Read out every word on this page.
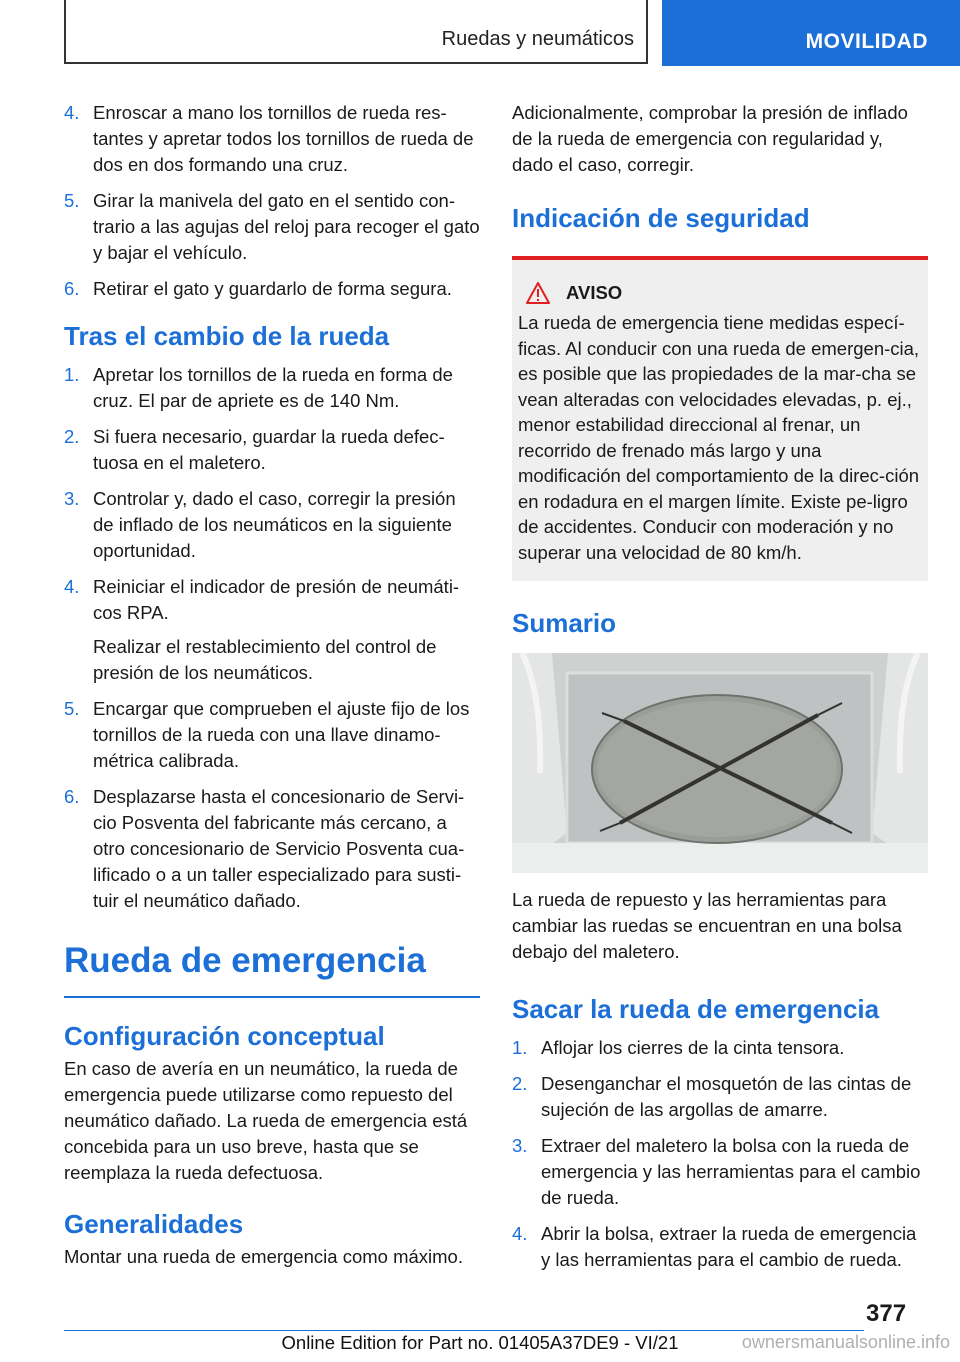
Ruedas y neumáticos	MOVILIDAD
4. Enroscar a mano los tornillos de rueda res‐tantes y apretar todos los tornillos de rueda de dos en dos formando una cruz.

5. Girar la manivela del gato en el sentido con‐trario a las agujas del reloj para recoger el gato y bajar el vehículo.

6. Retirar el gato y guardarlo de forma segura.

Tras el cambio de la rueda
1. Apretar los tornillos de la rueda en forma de cruz. El par de apriete es de 140 Nm.

2. Si fuera necesario, guardar la rueda defec‐tuosa en el maletero.

3. Controlar y, dado el caso, corregir la presión de inflado de los neumáticos en la siguiente oportunidad.

4. Reiniciar el indicador de presión de neumáti‐cos RPA.

Realizar el restablecimiento del control de presión de los neumáticos.

5. Encargar que comprueben el ajuste fijo de los tornillos de la rueda con una llave dinamo‐métrica calibrada.

6. Desplazarse hasta el concesionario de Servi‐cio Posventa del fabricante más cercano, a otro concesionario de Servicio Posventa cua‐lificado o a un taller especializado para susti‐tuir el neumático dañado.

Rueda de emergencia
Configuración conceptual

En caso de avería en un neumático, la rueda de emergencia puede utilizarse como repuesto del neumático dañado. La rueda de emergencia está concebida para un uso breve, hasta que se reemplaza la rueda defectuosa.

Generalidades

Montar una rueda de emergencia como máximo.

Adicionalmente, comprobar la presión de inflado de la rueda de emergencia con regularidad y, dado el caso, corregir.

Indicación de seguridad
AVISO

La rueda de emergencia tiene medidas especí‐ficas. Al conducir con una rueda de emergen‐cia, es posible que las propiedades de la mar‐cha se vean alteradas con velocidades elevadas, p. ej., menor estabilidad direccional al frenar, un recorrido de frenado más largo y una modificación del comportamiento de la direc‐ción en rodadura en el margen límite. Existe pe‐ligro de accidentes. Conducir con moderación y no superar una velocidad de 80 km/h.

Sumario

La rueda de repuesto y las herramientas para cambiar las ruedas se encuentran en una bolsa debajo del maletero.

Sacar la rueda de emergencia
1. Aflojar los cierres de la cinta tensora.

2. Desenganchar el mosquetón de las cintas de sujeción de las argollas de amarre.

3. Extraer del maletero la bolsa con la rueda de emergencia y las herramientas para el cambio de rueda.

4. Abrir la bolsa, extraer la rueda de emergencia y las herramientas para el cambio de rueda.

377
Online Edition for Part no. 01405A37DE9 - VI/21	ownersmanualsonline.info
